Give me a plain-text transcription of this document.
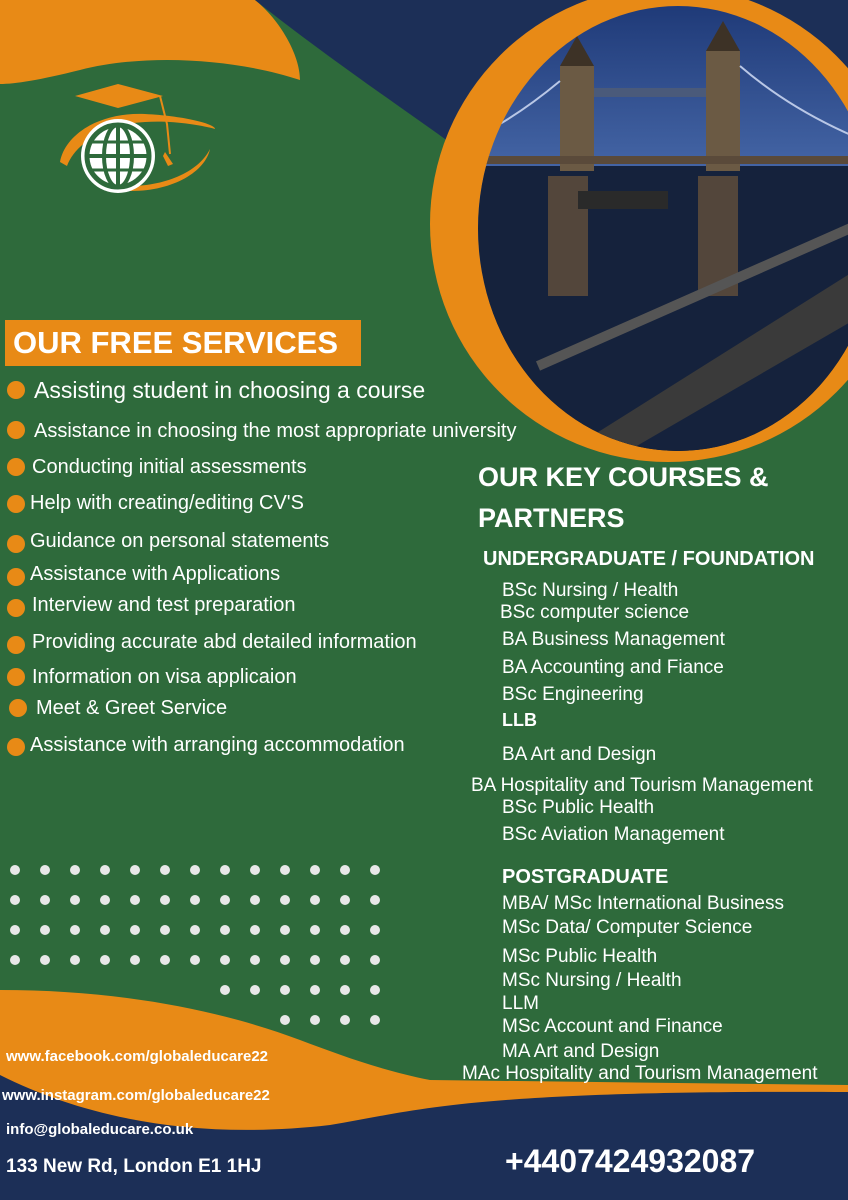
OUR FREE SERVICES
Assisting student in choosing a course
Assistance in choosing the most appropriate university
Conducting initial assessments
Help with creating/editing CV'S
Guidance on personal statements
Assistance with Applications
Interview and test preparation
Providing accurate abd detailed information
Information on visa applicaion
Meet & Greet Service
Assistance with arranging accommodation
OUR KEY COURSES &
PARTNERS
UNDERGRADUATE / FOUNDATION
BSc Nursing / Health
BSc computer science
BA Business Management
BA Accounting and Fiance
BSc Engineering
LLB
BA Art and Design
BA Hospitality and Tourism Management
BSc Public Health
BSc Aviation Management
POSTGRADUATE
MBA/ MSc International Business
MSc Data/ Computer Science
MSc Public Health
MSc Nursing / Health
LLM
MSc Account and Finance
MA Art and Design
MAc Hospitality and Tourism Management
www.facebook.com/globaleducare22
www.instagram.com/globaleducare22
info@globaleducare.co.uk
133 New Rd, London E1 1HJ	+4407424932087
